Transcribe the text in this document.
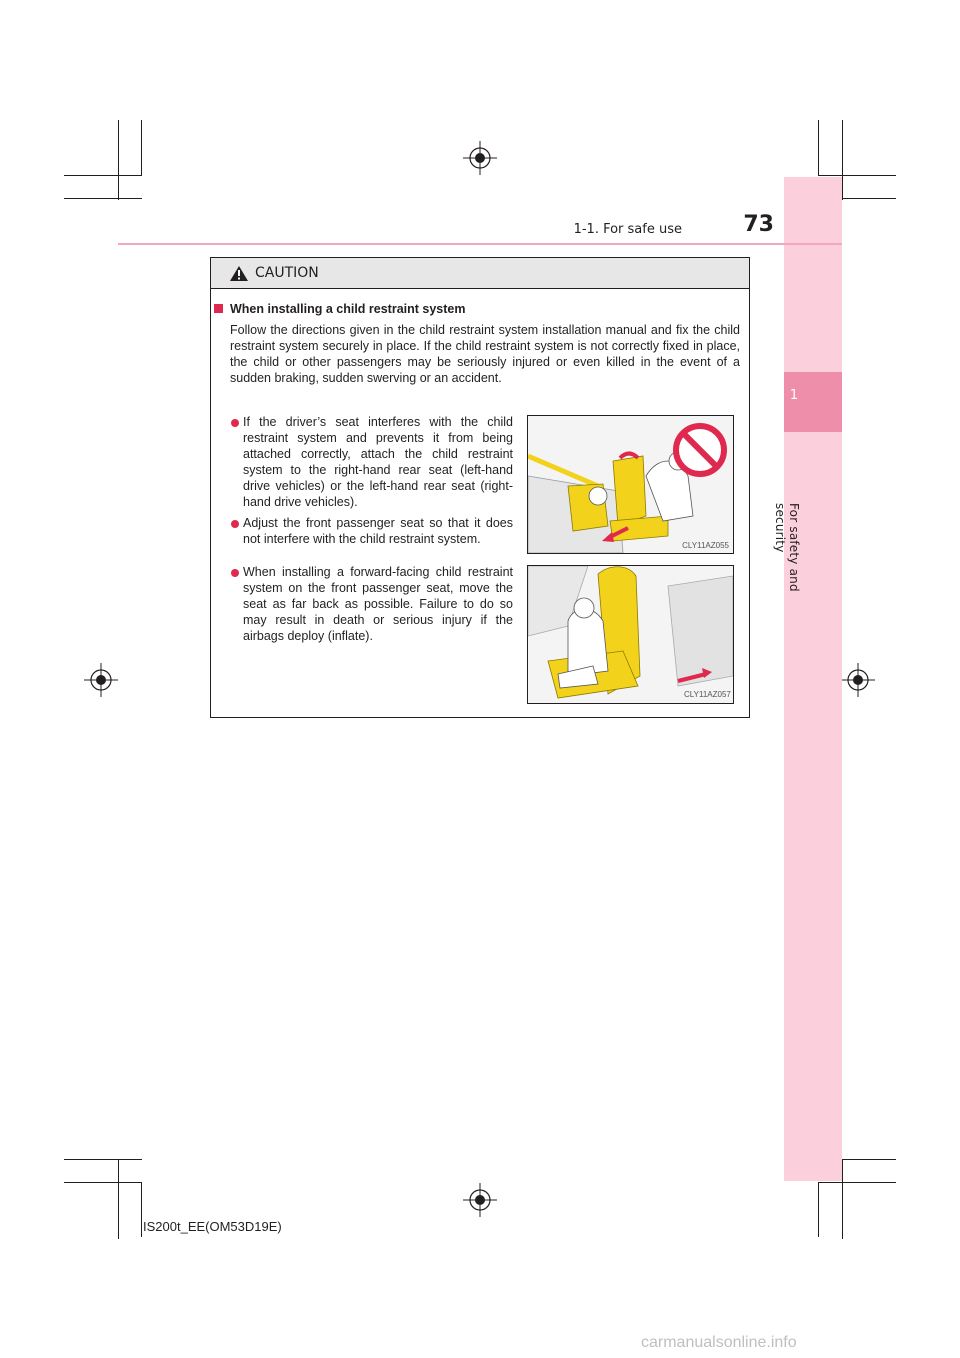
1
For safety and security
1-1. For safe use	73
CAUTION
When installing a child restraint system
Follow the directions given in the child restraint system installation manual and fix the child restraint system securely in place. If the child restraint system is not correctly fixed in place, the child or other passengers may be seriously injured or even killed in the event of a sudden braking, sudden swerving or an accident.
If the driver’s seat interferes with the child restraint system and prevents it from being attached correctly, attach the child restraint system to the right-hand rear seat (left-hand drive vehicles) or the left-hand rear seat (right-hand drive vehicles).
Adjust the front passenger seat so that it does not interfere with the child restraint system.
When installing a forward-facing child restraint system on the front passenger seat, move the seat as far back as possible. Failure to do so may result in death or serious injury if the airbags deploy (inflate).
CLY11AZ055
CLY11AZ057
IS200t_EE(OM53D19E)
carmanualsonline.info
